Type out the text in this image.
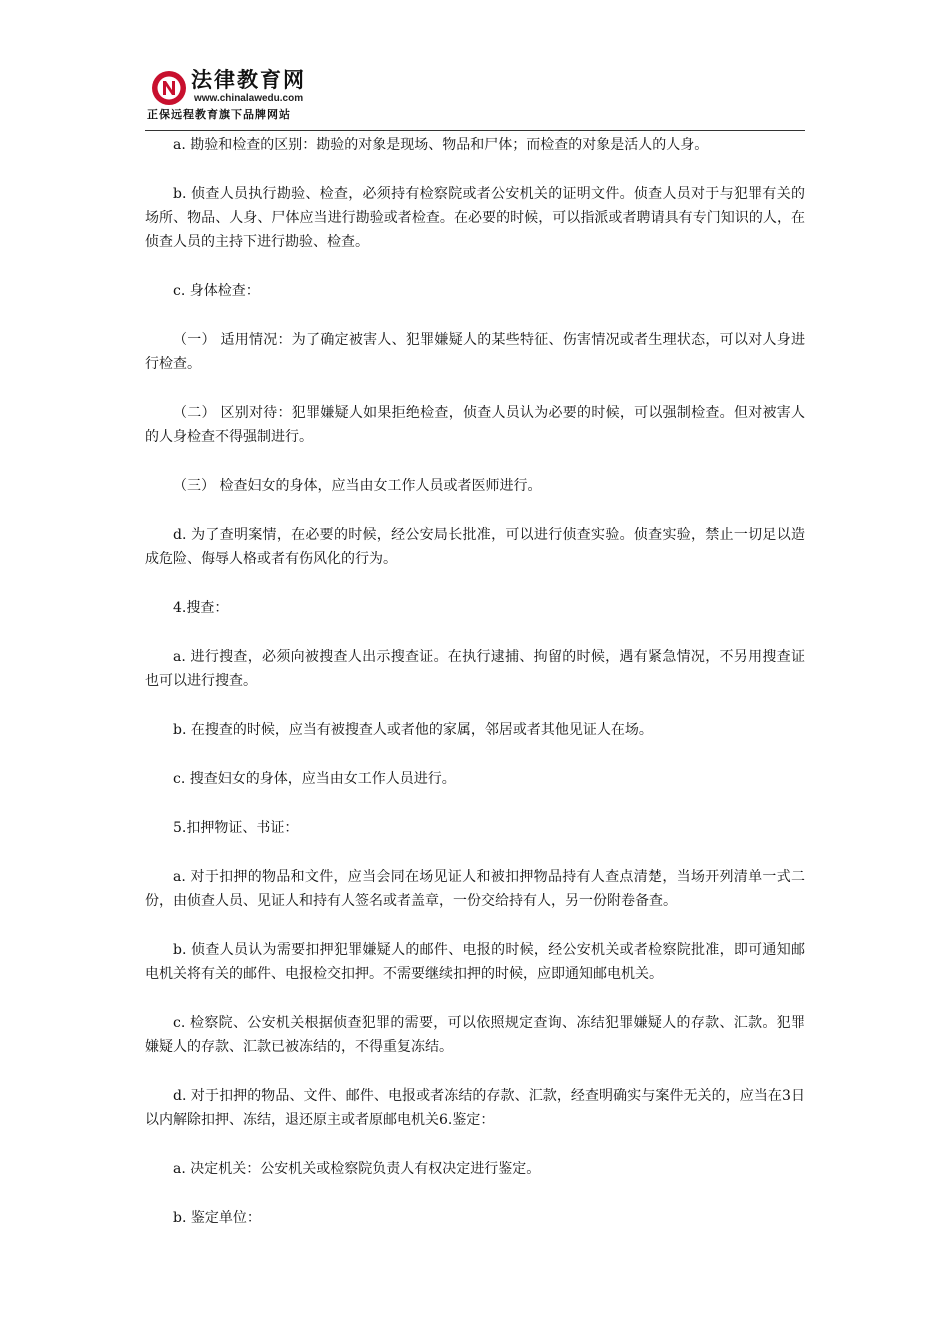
法律教育网
www.chinalawedu.com
正保远程教育旗下品牌网站

a. 勘验和检查的区别：勘验的对象是现场、物品和尸体；而检查的对象是活人的人身。

b. 侦查人员执行勘验、检查，必须持有检察院或者公安机关的证明文件。侦查人员对于与犯罪有关的场所、物品、人身、尸体应当进行勘验或者检查。在必要的时候，可以指派或者聘请具有专门知识的人，在侦查人员的主持下进行勘验、检查。

c. 身体检查：

（一） 适用情况：为了确定被害人、犯罪嫌疑人的某些特征、伤害情况或者生理状态，可以对人身进行检查。

（二） 区别对待：犯罪嫌疑人如果拒绝检查，侦查人员认为必要的时候，可以强制检查。但对被害人的人身检查不得强制进行。

（三） 检查妇女的身体，应当由女工作人员或者医师进行。

d. 为了查明案情，在必要的时候，经公安局长批准，可以进行侦查实验。侦查实验，禁止一切足以造成危险、侮辱人格或者有伤风化的行为。

4.搜查：

a. 进行搜查，必须向被搜查人出示搜查证。在执行逮捕、拘留的时候，遇有紧急情况，不另用搜查证也可以进行搜查。

b. 在搜查的时候，应当有被搜查人或者他的家属，邻居或者其他见证人在场。

c. 搜查妇女的身体，应当由女工作人员进行。

5.扣押物证、书证：

a. 对于扣押的物品和文件，应当会同在场见证人和被扣押物品持有人查点清楚，当场开列清单一式二份，由侦查人员、见证人和持有人签名或者盖章，一份交给持有人，另一份附卷备查。

b. 侦查人员认为需要扣押犯罪嫌疑人的邮件、电报的时候，经公安机关或者检察院批准，即可通知邮电机关将有关的邮件、电报检交扣押。不需要继续扣押的时候，应即通知邮电机关。

c. 检察院、公安机关根据侦查犯罪的需要，可以依照规定查询、冻结犯罪嫌疑人的存款、汇款。犯罪嫌疑人的存款、汇款已被冻结的，不得重复冻结。

d. 对于扣押的物品、文件、邮件、电报或者冻结的存款、汇款，经查明确实与案件无关的，应当在3日以内解除扣押、冻结，退还原主或者原邮电机关6.鉴定：

a. 决定机关：公安机关或检察院负责人有权决定进行鉴定。

b. 鉴定单位：
